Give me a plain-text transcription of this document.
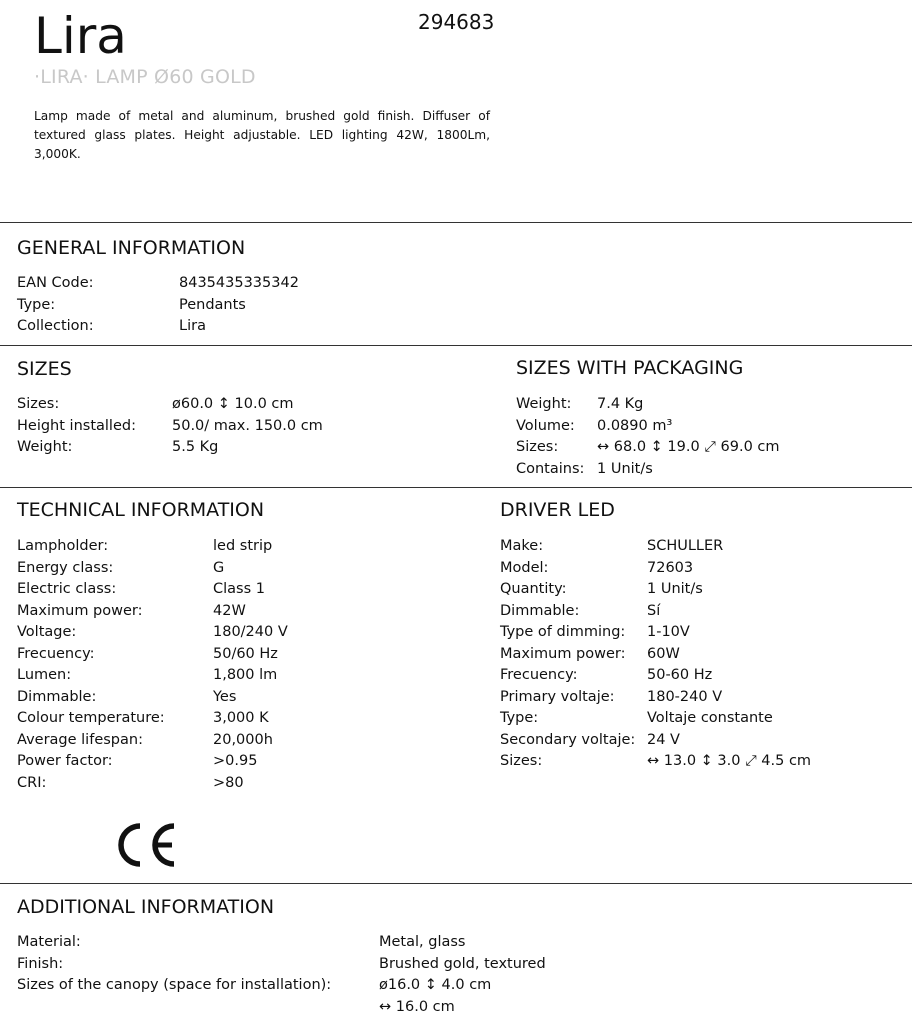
Lira	294683
·LIRA· LAMP Ø60 GOLD
Lamp made of metal and aluminum, brushed gold finish. Diffuser of textured glass plates. Height adjustable. LED lighting 42W, 1800Lm, 3,000K.
GENERAL INFORMATION
EAN Code:	8435435335342
Type:	Pendants
Collection:	Lira
SIZES
Sizes:	ø60.0 ↕ 10.0 cm
Height installed: 50.0/ max. 150.0 cm
Weight:	5.5 Kg
SIZES WITH PACKAGING
Weight: 7.4 Kg
Volume: 0.0890 m³
Sizes:	↔ 68.0 ↕ 19.0 ⤢ 69.0 cm
Contains: 1 Unit/s
TECHNICAL INFORMATION
Lampholder:	led strip
Energy class:	G
Electric class:	Class 1
Maximum power:	42W
Voltage:	180/240 V
Frecuency:	50/60 Hz
Lumen:	1,800 lm
Dimmable:	Yes
Colour temperature:	3,000 K
Average lifespan:	20,000h
Power factor:	>0.95
CRI:	>80
DRIVER LED
Make:	SCHULLER
Model:	72603
Quantity:	1 Unit/s
Dimmable:	Sí
Type of dimming: 1-10V
Maximum power: 60W
Frecuency:	50-60 Hz
Primary voltaje: 180-240 V
Type:	Voltaje constante
Secondary voltaje: 24 V
Sizes:	↔ 13.0 ↕ 3.0 ⤢ 4.5 cm
ADDITIONAL INFORMATION
Material:	Metal, glass
Finish:	Brushed gold, textured
Sizes of the canopy (space for installation):	ø16.0 ↕ 4.0 cm
↔ 16.0 cm
